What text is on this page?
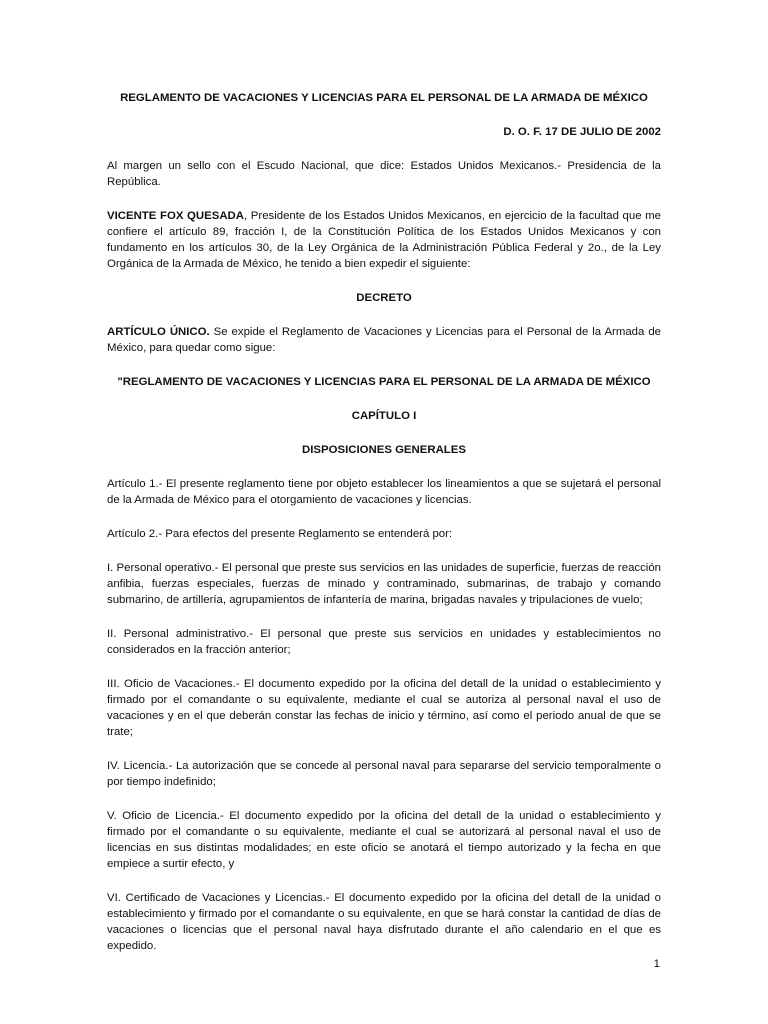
REGLAMENTO DE VACACIONES Y LICENCIAS PARA EL PERSONAL DE LA ARMADA DE MÉXICO

D. O. F. 17 DE JULIO DE 2002

Al margen un sello con el Escudo Nacional, que dice: Estados Unidos Mexicanos.- Presidencia de la República.

VICENTE FOX QUESADA, Presidente de los Estados Unidos Mexicanos, en ejercicio de la facultad que me confiere el artículo 89, fracción I, de la Constitución Política de los Estados Unidos Mexicanos y con fundamento en los artículos 30, de la Ley Orgánica de la Administración Pública Federal y 2o., de la Ley Orgánica de la Armada de México, he tenido a bien expedir el siguiente:

DECRETO

ARTÍCULO ÚNICO. Se expide el Reglamento de Vacaciones y Licencias para el Personal de la Armada de México, para quedar como sigue:

"REGLAMENTO DE VACACIONES Y LICENCIAS PARA EL PERSONAL DE LA ARMADA DE MÉXICO

CAPÍTULO I

DISPOSICIONES GENERALES

Artículo 1.- El presente reglamento tiene por objeto establecer los lineamientos a que se sujetará el personal de la Armada de México para el otorgamiento de vacaciones y licencias.

Artículo 2.- Para efectos del presente Reglamento se entenderá por:

I. Personal operativo.- El personal que preste sus servicios en las unidades de superficie, fuerzas de reacción anfibia, fuerzas especiales, fuerzas de minado y contraminado, submarinas, de trabajo y comando submarino, de artillería, agrupamientos de infantería de marina, brigadas navales y tripulaciones de vuelo;

II. Personal administrativo.- El personal que preste sus servicios en unidades y establecimientos no considerados en la fracción anterior;

III. Oficio de Vacaciones.- El documento expedido por la oficina del detall de la unidad o establecimiento y firmado por el comandante o su equivalente, mediante el cual se autoriza al personal naval el uso de vacaciones y en el que deberán constar las fechas de inicio y término, así como el periodo anual de que se trate;

IV. Licencia.- La autorización que se concede al personal naval para separarse del servicio temporalmente o por tiempo indefinido;

V. Oficio de Licencia.- El documento expedido por la oficina del detall de la unidad o establecimiento y firmado por el comandante o su equivalente, mediante el cual se autorizará al personal naval el uso de licencias en sus distintas modalidades; en este oficio se anotará el tiempo autorizado y la fecha en que empiece a surtir efecto, y

VI. Certificado de Vacaciones y Licencias.- El documento expedido por la oficina del detall de la unidad o establecimiento y firmado por el comandante o su equivalente, en que se hará constar la cantidad de días de vacaciones o licencias que el personal naval haya disfrutado durante el año calendario en el que es expedido.

1
